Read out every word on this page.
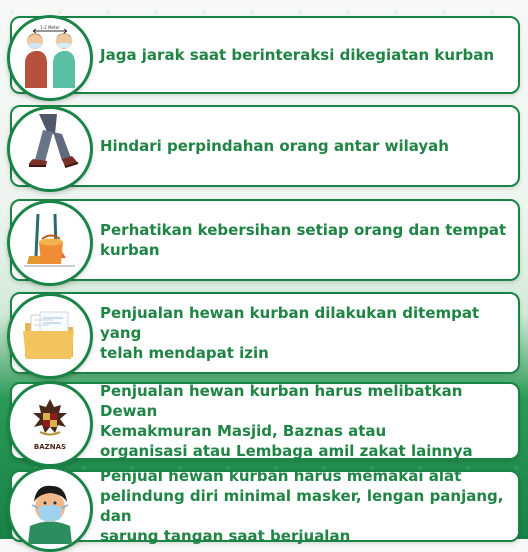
1-2 Meter
Jaga jarak saat berinteraksi dikegiatan kurban
Hindari perpindahan orang antar wilayah
Perhatikan kebersihan setiap orang dan tempat
kurban
Penjualan hewan kurban dilakukan ditempat yang
telah mendapat izin
BAZNAS
Penjualan hewan kurban harus melibatkan Dewan
Kemakmuran Masjid, Baznas atau
organisasi atau Lembaga amil zakat lainnya
Penjual hewan kurban harus memakai alat
pelindung diri minimal masker, lengan panjang, dan
sarung tangan saat berjualan
